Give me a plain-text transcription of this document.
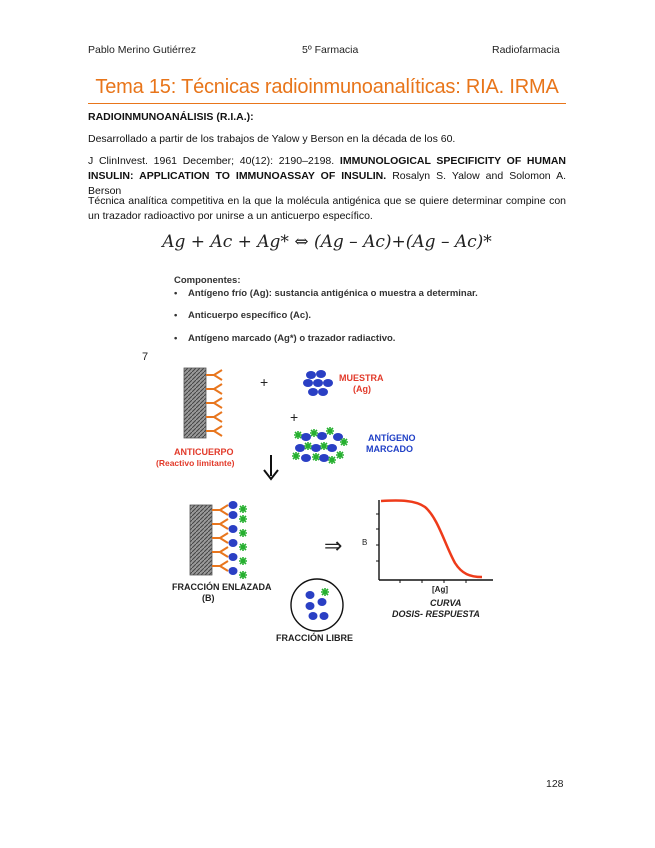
Pablo Merino Gutiérrez	5º Farmacia	Radiofarmacia
Tema 15: Técnicas radioinmunoanalíticas: RIA. IRMA
RADIOINMUNOANÁLISIS (R.I.A.):
Desarrollado a partir de los trabajos de Yalow y Berson en la década de los 60.
J ClinInvest. 1961 December; 40(12): 2190–2198. IMMUNOLOGICAL SPECIFICITY OF HUMAN INSULIN: APPLICATION TO IMMUNOASSAY OF INSULIN. Rosalyn S. Yalow and Solomon A. Berson
Técnica analítica competitiva en la que la molécula antigénica que se quiere determinar compine con un trazador radioactivo por unirse a un anticuerpo específico.
Ag + Ac + Ag* ⇔ (Ag – Ac)+(Ag – Ac)*
Componentes:
• Antígeno frío (Ag): sustancia antigénica o muestra a determinar.
• Anticuerpo específico (Ac).
• Antígeno marcado (Ag*) o trazador radiactivo.
7
+	MUESTRA
(Ag)
+
ANTÍGENO
MARCADO
ANTICUERPO
(Reactivo limitante)
⇒ B
[Ag]
CURVA
DOSIS- RESPUESTA
FRACCIÓN ENLAZADA
(B)
FRACCIÓN LIBRE
128
